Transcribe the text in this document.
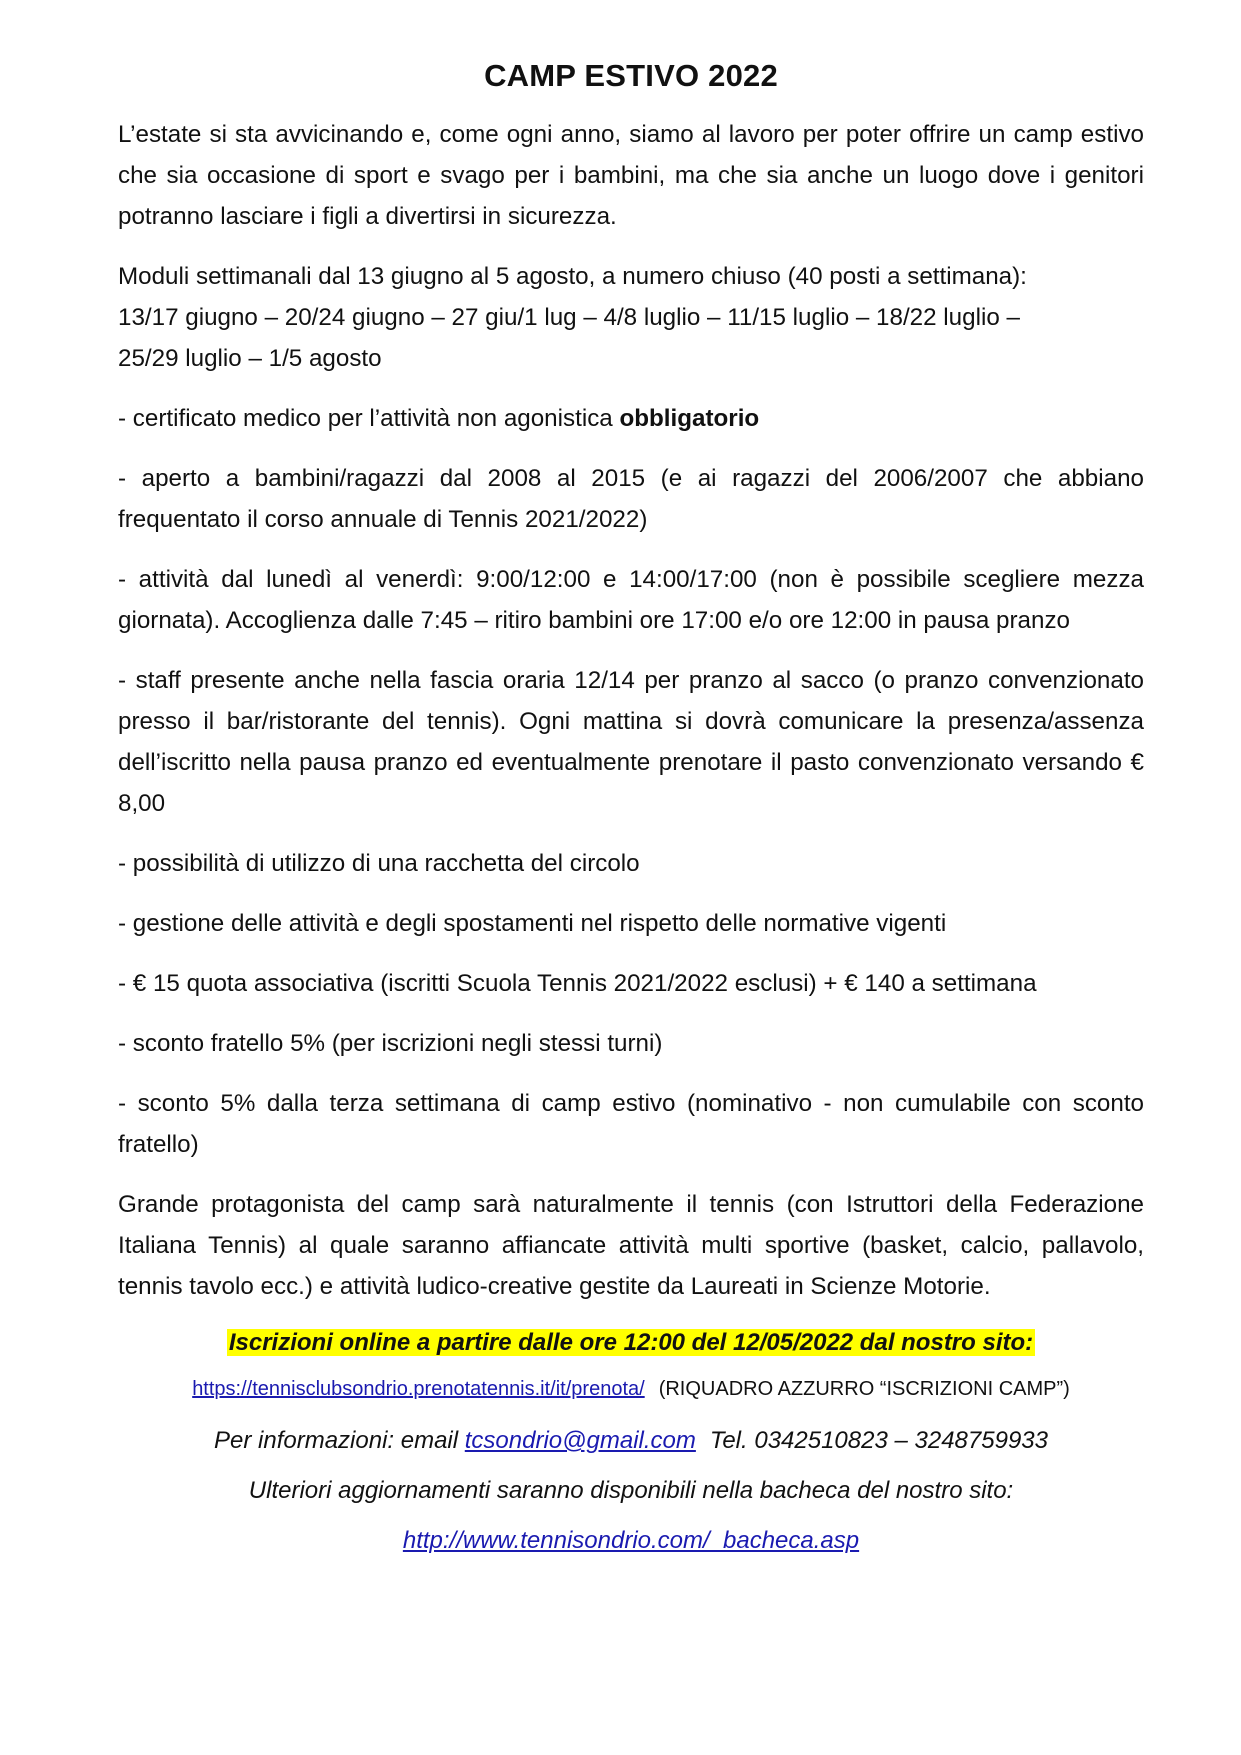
CAMP ESTIVO 2022

L’estate si sta avvicinando e, come ogni anno, siamo al lavoro per poter offrire un camp estivo che sia occasione di sport e svago per i bambini, ma che sia anche un luogo dove i genitori potranno lasciare i figli a divertirsi in sicurezza.

Moduli settimanali dal 13 giugno al 5 agosto, a numero chiuso (40 posti a settimana):
13/17 giugno – 20/24 giugno – 27 giu/1 lug – 4/8 luglio – 11/15 luglio – 18/22 luglio –
25/29 luglio – 1/5 agosto

- certificato medico per l’attività non agonistica obbligatorio

- aperto a bambini/ragazzi dal 2008 al 2015 (e ai ragazzi del 2006/2007 che abbiano frequentato il corso annuale di Tennis 2021/2022)

- attività dal lunedì al venerdì: 9:00/12:00 e 14:00/17:00 (non è possibile scegliere mezza giornata). Accoglienza dalle 7:45 – ritiro bambini ore 17:00 e/o ore 12:00 in pausa pranzo

- staff presente anche nella fascia oraria 12/14 per pranzo al sacco (o pranzo convenzionato presso il bar/ristorante del tennis). Ogni mattina si dovrà comunicare la presenza/assenza dell’iscritto nella pausa pranzo ed eventualmente prenotare il pasto convenzionato versando € 8,00

- possibilità di utilizzo di una racchetta del circolo

- gestione delle attività e degli spostamenti nel rispetto delle normative vigenti

- € 15 quota associativa (iscritti Scuola Tennis 2021/2022 esclusi) + € 140 a settimana

- sconto fratello 5% (per iscrizioni negli stessi turni)

- sconto 5% dalla terza settimana di camp estivo (nominativo - non cumulabile con sconto fratello)

Grande protagonista del camp sarà naturalmente il tennis (con Istruttori della Federazione Italiana Tennis) al quale saranno affiancate attività multi sportive (basket, calcio, pallavolo, tennis tavolo ecc.) e attività ludico-creative gestite da Laureati in Scienze Motorie.

Iscrizioni online a partire dalle ore 12:00 del 12/05/2022 dal nostro sito:

https://tennisclubsondrio.prenotatennis.it/it/prenota/ (RIQUADRO AZZURRO “ISCRIZIONI CAMP”)

Per informazioni: email tcsondrio@gmail.com Tel. 0342510823 – 3248759933

Ulteriori aggiornamenti saranno disponibili nella bacheca del nostro sito:

http://www.tennisondrio.com/_bacheca.asp
